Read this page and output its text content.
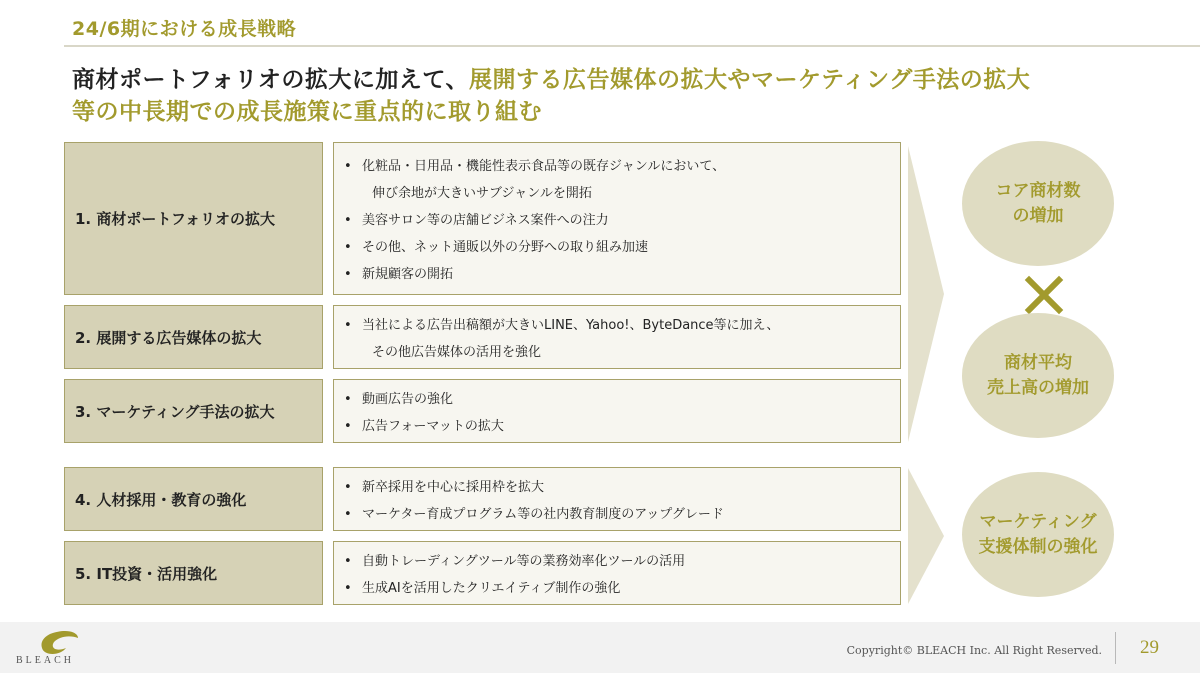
24/6期における成長戦略
商材ポートフォリオの拡大に加えて、展開する広告媒体の拡大やマーケティング手法の拡大
等の中長期での成長施策に重点的に取り組む
1. 商材ポートフォリオの拡大
• 化粧品・日用品・機能性表示食品等の既存ジャンルにおいて、
伸び余地が大きいサブジャンルを開拓
• 美容サロン等の店舗ビジネス案件への注力
• その他、ネット通販以外の分野への取り組み加速
• 新規顧客の開拓
2. 展開する広告媒体の拡大
• 当社による広告出稿額が大きいLINE、Yahoo!、ByteDance等に加え、
その他広告媒体の活用を強化
3. マーケティング手法の拡大
• 動画広告の強化
• 広告フォーマットの拡大
4. 人材採用・教育の強化
• 新卒採用を中心に採用枠を拡大
• マーケター育成プログラム等の社内教育制度のアップグレード
5. IT投資・活用強化
• 自動トレーディングツール等の業務効率化ツールの活用
• 生成AIを活用したクリエイティブ制作の強化
コア商材数
の増加
商材平均
売上高の増加
マーケティング
支援体制の強化
BLEACH
Copyright© BLEACH Inc. All Right Reserved. 29
